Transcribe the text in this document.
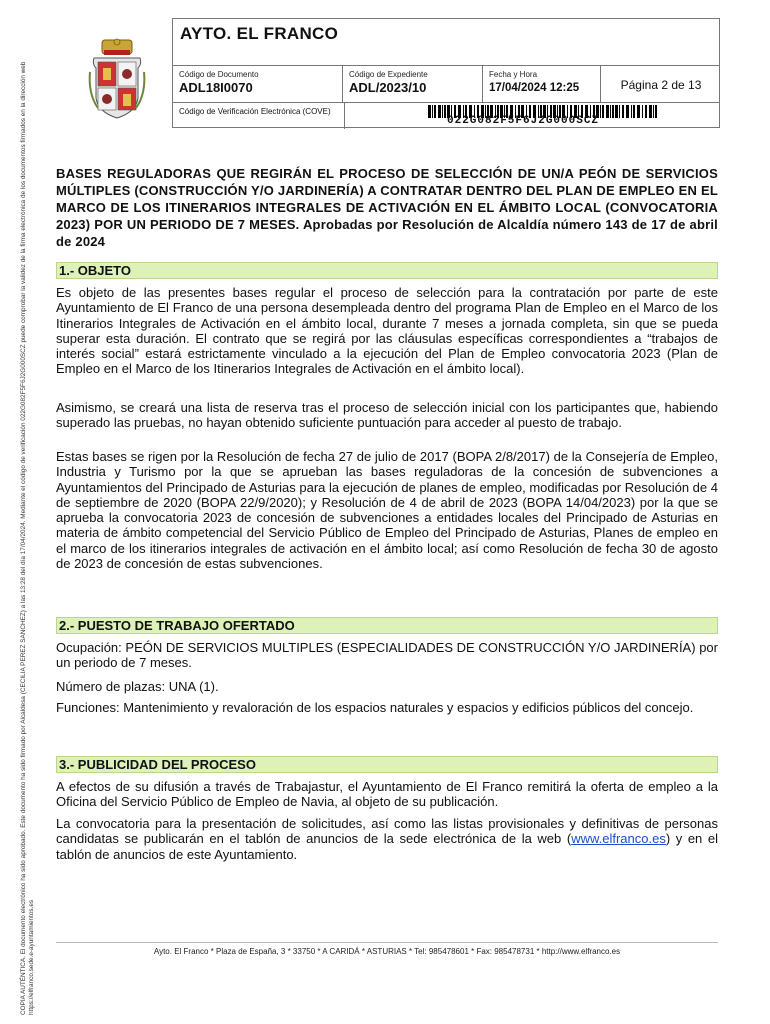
COPIA AUTÉNTICA. El documento electrónico ha sido aprobado. Este documento ha sido firmado por Alcaldesa (CECILIA PEREZ SANCHEZ) a las 13:28 del día 17/04/2024. Mediante el código de verificación 022G082F5F6J2G000SCZ puede comprobar la validez de la firma electrónica de los documentos firmados en la dirección web https://elfranco.sede.e-ayuntamientos.es
AYTO. EL FRANCO
Código de Documento
ADL18I0070
Código de Expediente
ADL/2023/10
Fecha y Hora
17/04/2024 12:25	Página 2 de 13
Código de Verificación Electrónica (COVE)
022G082F5F6J2G000SCZ
BASES REGULADORAS QUE REGIRÁN EL PROCESO DE SELECCIÓN DE UN/A PEÓN DE SERVICIOS MÚLTIPLES (CONSTRUCCIÓN Y/O JARDINERÍA) A CONTRATAR DENTRO DEL PLAN DE EMPLEO EN EL MARCO DE LOS ITINERARIOS INTEGRALES DE ACTIVACIÓN EN EL ÁMBITO LOCAL (CONVOCATORIA 2023) POR UN PERIODO DE 7 MESES. Aprobadas por Resolución de Alcaldía número 143 de 17 de abril de 2024
1.- OBJETO
Es objeto de las presentes bases regular el proceso de selección para la contratación por parte de este Ayuntamiento de El Franco de una persona desempleada dentro del programa Plan de Empleo en el Marco de los Itinerarios Integrales de Activación en el ámbito local, durante 7 meses a jornada completa, sin que se pueda superar esta duración. El contrato que se regirá por las cláusulas específicas correspondientes a “trabajos de interés social” estará estrictamente vinculado a la ejecución del Plan de Empleo convocatoria 2023 (Plan de Empleo en el Marco de los Itinerarios Integrales de Activación en el ámbito local).
Asimismo, se creará una lista de reserva tras el proceso de selección inicial con los participantes que, habiendo superado las pruebas, no hayan obtenido suficiente puntuación para acceder al puesto de trabajo.
Estas bases se rigen por la Resolución de fecha 27 de julio de 2017 (BOPA 2/8/2017) de la Consejería de Empleo, Industria y Turismo por la que se aprueban las bases reguladoras de la concesión de subvenciones a Ayuntamientos del Principado de Asturias para la ejecución de planes de empleo, modificadas por Resolución de 4 de septiembre de 2020 (BOPA 22/9/2020); y Resolución de 4 de abril de 2023 (BOPA 14/04/2023) por la que se aprueba la convocatoria 2023 de concesión de subvenciones a entidades locales del Principado de Asturias en materia de ámbito competencial del Servicio Público de Empleo del Principado de Asturias, Planes de empleo en el marco de los itinerarios integrales de activación en el ámbito local; así como Resolución de fecha 30 de agosto de 2023 de concesión de estas subvenciones.
2.- PUESTO DE TRABAJO OFERTADO
Ocupación: PEÓN DE SERVICIOS MULTIPLES (ESPECIALIDADES DE CONSTRUCCIÓN Y/O JARDINERÍA) por un periodo de 7 meses.
Número de plazas: UNA (1).
Funciones: Mantenimiento y revaloración de los espacios naturales y espacios y edificios públicos del concejo.
3.- PUBLICIDAD DEL PROCESO
A efectos de su difusión a través de Trabajastur, el Ayuntamiento de El Franco remitirá la oferta de empleo a la Oficina del Servicio Público de Empleo de Navia, al objeto de su publicación.
La convocatoria para la presentación de solicitudes, así como las listas provisionales y definitivas de personas candidatas se publicarán en el tablón de anuncios de la sede electrónica de la web (www.elfranco.es) y en el tablón de anuncios de este Ayuntamiento.
Ayto. El Franco * Plaza de España, 3 * 33750 * A CARIDÁ * ASTURIAS * Tel: 985478601 * Fax: 985478731 * http://www.elfranco.es
